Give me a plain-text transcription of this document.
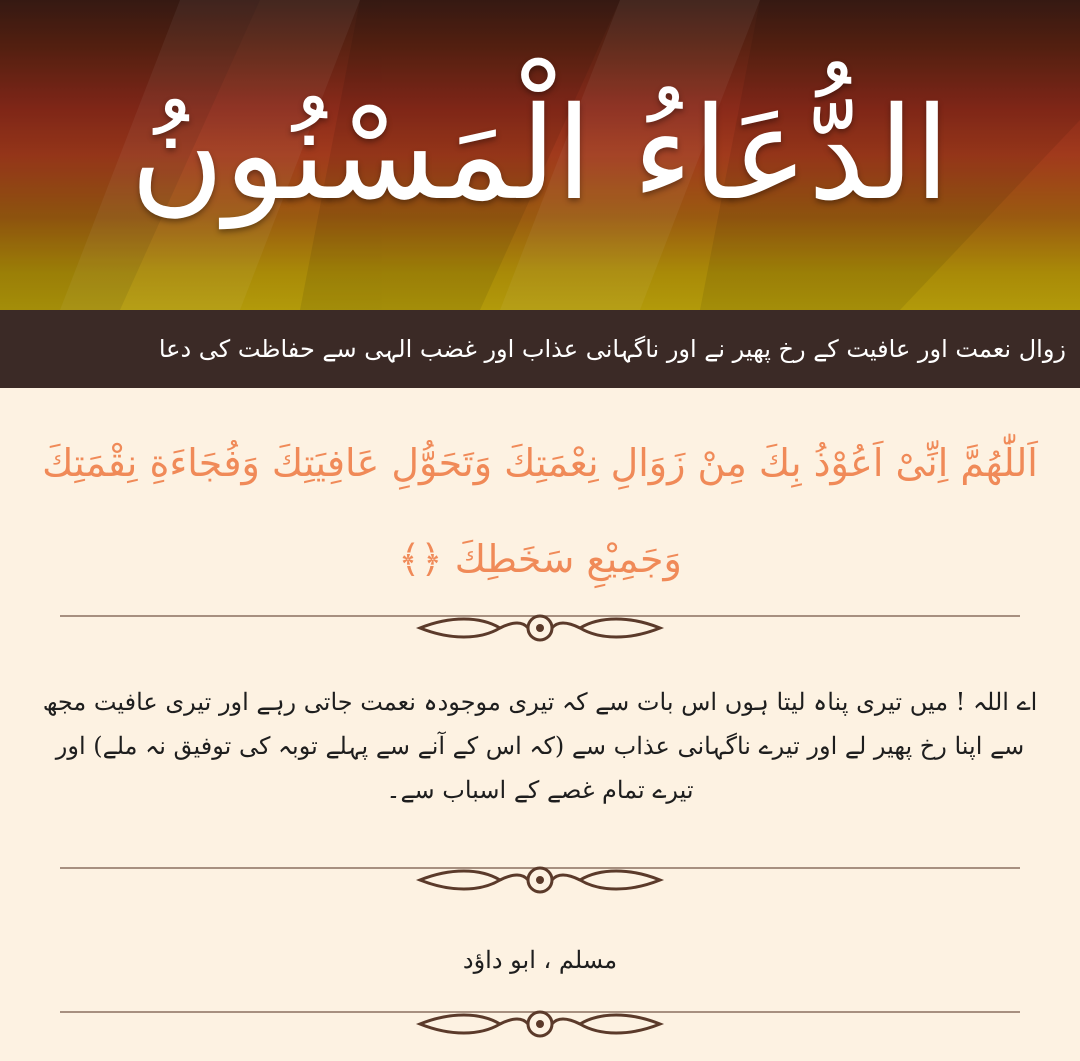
الدُّعَاءُ الْمَسْنُونُ
زوال نعمت اور عافیت کے رخ پھیر نے اور ناگہانی عذاب اور غضب الہی سے حفاظت کی دعا
اَللّٰهُمَّ اِنِّیْ اَعُوْذُ بِكَ مِنْ زَوَالِ نِعْمَتِكَ وَتَحَوُّلِ عَافِيَتِكَ وَفُجَاءَةِ نِقْمَتِكَ وَجَمِيْعِ سَخَطِكَ ﴿﴾
اے اللہ ! میں تیری پناہ لیتا ہوں اس بات سے کہ تیری موجودہ نعمت جاتی رہے اور تیری عافیت مجھ سے اپنا رخ پھیر لے اور تیرے ناگہانی عذاب سے (کہ اس کے آنے سے پہلے توبہ کی توفیق نہ ملے) اور تیرے تمام غصے کے اسباب سے۔
مسلم ، ابو داؤد
